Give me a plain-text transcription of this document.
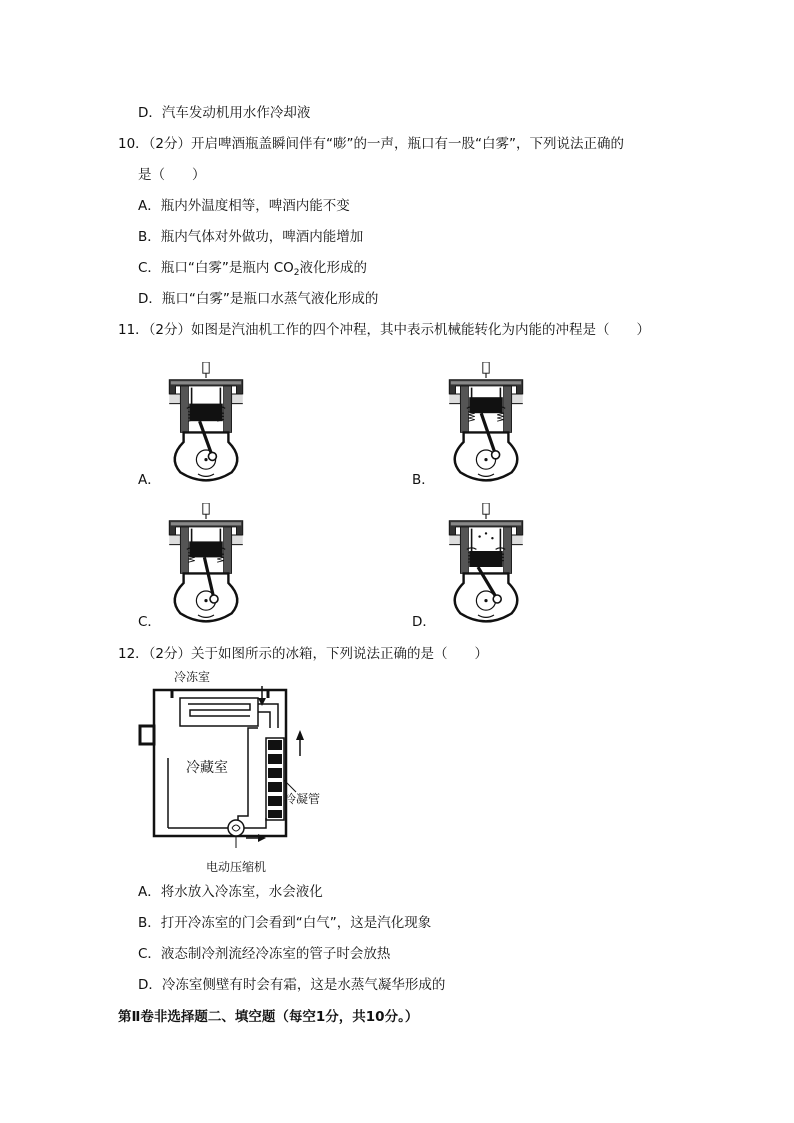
D．汽车发动机用水作冷却液
10．（2分）开启啤酒瓶盖瞬间伴有“嘭”的一声，瓶口有一股“白雾”，下列说法正确的
是（　　）
A．瓶内外温度相等，啤酒内能不变
B．瓶内气体对外做功，啤酒内能增加
C．瓶口“白雾”是瓶内 $CO_2$液化形成的
D．瓶口“白雾”是瓶口水蒸气液化形成的
11．（2分）如图是汽油机工作的四个冲程，其中表示机械能转化为内能的冲程是（　　）
A．	B．
C．	D．
12．（2分）关于如图所示的冰箱，下列说法正确的是（　　）
冷冻室
冷藏室
冷凝管
电动压缩机
A．将水放入冷冻室，水会液化
B．打开冷冻室的门会看到“白气”，这是汽化现象
C．液态制冷剂流经冷冻室的管子时会放热
D．冷冻室侧壁有时会有霜，这是水蒸气凝华形成的
第Ⅱ卷非选择题二、填空题（每空1分，共10分。）
